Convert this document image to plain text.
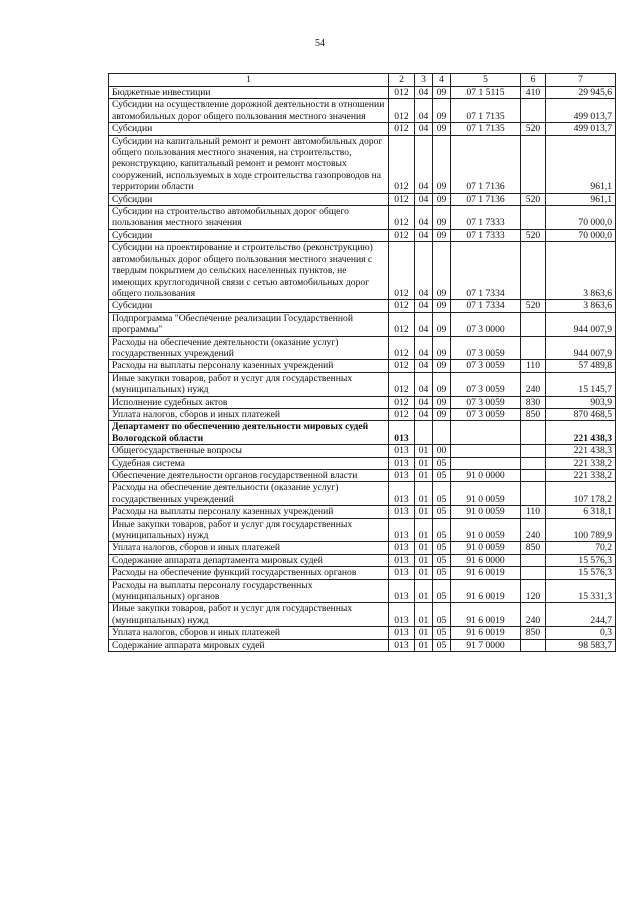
54
1	2	3	4	5	6	7
Бюджетные инвестиции	012	04	09	07 1 5115	410	29 945,6
Субсидии на осуществление дорожной деятельности в отношении автомобильных дорог общего пользования местного значения	012	04	09	07 1 7135		499 013,7
Субсидии	012	04	09	07 1 7135	520	499 013,7
Субсидии на капитальный ремонт и ремонт автомобильных дорог общего пользования местного значения, на строительство, реконструкцию, капитальный ремонт и ремонт мостовых сооружений, используемых в ходе строительства газопроводов на территории области	012	04	09	07 1 7136		961,1
Субсидии	012	04	09	07 1 7136	520	961,1
Субсидии на строительство автомобильных дорог общего пользования местного значения	012	04	09	07 1 7333		70 000,0
Субсидии	012	04	09	07 1 7333	520	70 000,0
Субсидии на проектирование и строительство (реконструкцию) автомобильных дорог общего пользования местного значения с твердым покрытием до сельских населенных пунктов, не имеющих круглогодичной связи с сетью автомобильных дорог общего пользования	012	04	09	07 1 7334		3 863,6
Субсидии	012	04	09	07 1 7334	520	3 863,6
Подпрограмма "Обеспечение реализации Государственной программы"	012	04	09	07 3 0000		944 007,9
Расходы на обеспечение деятельности (оказание услуг) государственных учреждений	012	04	09	07 3 0059		944 007,9
Расходы на выплаты персоналу казенных учреждений	012	04	09	07 3 0059	110	57 489,8
Иные закупки товаров, работ и услуг для государственных (муниципальных) нужд	012	04	09	07 3 0059	240	15 145,7
Исполнение судебных актов	012	04	09	07 3 0059	830	903,9
Уплата налогов, сборов и иных платежей	012	04	09	07 3 0059	850	870 468,5
Департамент по обеспечению деятельности мировых судей Вологодской области	013					221 438,3
Общегосударственные вопросы	013	01	00			221 438,3
Судебная система	013	01	05			221 338,2
Обеспечение деятельности органов государственной власти	013	01	05	91 0 0000		221 338,2
Расходы на обеспечение деятельности (оказание услуг) государственных учреждений	013	01	05	91 0 0059		107 178,2
Расходы на выплаты персоналу казенных учреждений	013	01	05	91 0 0059	110	6 318,1
Иные закупки товаров, работ и услуг для государственных (муниципальных) нужд	013	01	05	91 0 0059	240	100 789,9
Уплата налогов, сборов и иных платежей	013	01	05	91 0 0059	850	70,2
Содержание аппарата департамента мировых судей	013	01	05	91 6 0000		15 576,3
Расходы на обеспечение функций государственных органов	013	01	05	91 6 0019		15 576,3
Расходы на выплаты персоналу государственных (муниципальных) органов	013	01	05	91 6 0019	120	15 331,3
Иные закупки товаров, работ и услуг для государственных (муниципальных) нужд	013	01	05	91 6 0019	240	244,7
Уплата налогов, сборов и иных платежей	013	01	05	91 6 0019	850	0,3
Содержание аппарата мировых судей	013	01	05	91 7 0000		98 583,7
